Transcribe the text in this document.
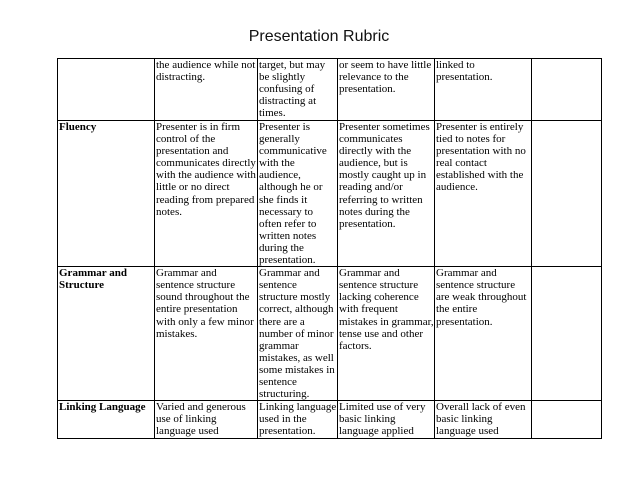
Presentation Rubric
	the audience while not distracting.	target, but may be slightly confusing of distracting at times.	or seem to have little relevance to the presentation.	linked to presentation.	
Fluency	Presenter is in firm control of the presentation and communicates directly with the audience with little or no direct reading from prepared notes.	Presenter is generally communicative with the audience, although he or she finds it necessary to often refer to written notes during the presentation.	Presenter sometimes communicates directly with the audience, but is mostly caught up in reading and/or referring to written notes during the presentation.	Presenter is entirely tied to notes for presentation with no real contact established with the audience.	
Grammar and Structure	Grammar and sentence structure sound throughout the entire presentation with only a few minor mistakes.	Grammar and sentence structure mostly correct, although there are a number of minor grammar mistakes, as well some mistakes in sentence structuring.	Grammar and sentence structure lacking coherence with frequent mistakes in grammar, tense use and other factors.	Grammar and sentence structure are weak throughout the entire presentation.	
Linking Language	Varied and generous use of linking language used	Linking language used in the presentation.	Limited use of very basic linking language applied	Overall lack of even basic linking language used	
